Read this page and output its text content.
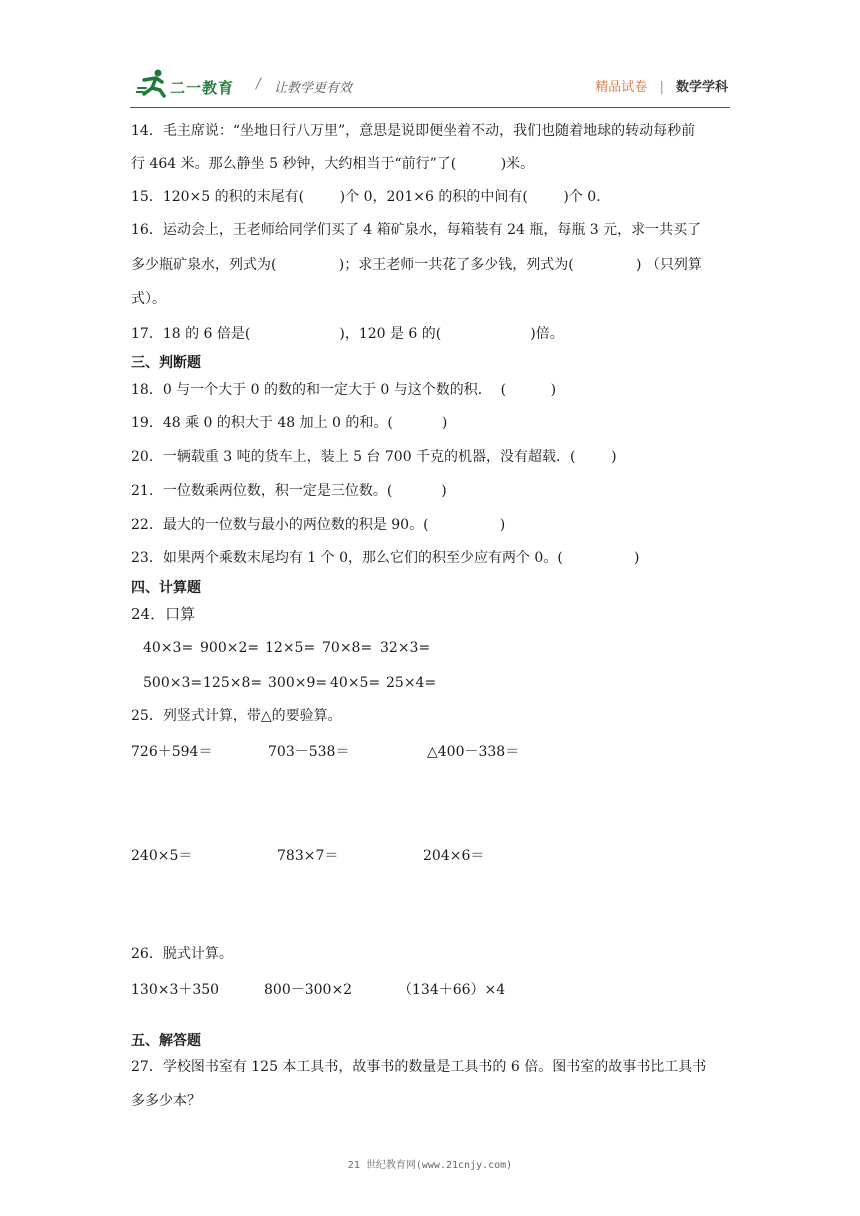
二一教育 / 让教学更有效	精品试卷 | 数学学科
14．毛主席说：“坐地日行八万里”，意思是说即便坐着不动，我们也随着地球的转动每秒前
行 464 米。那么静坐 5 秒钟，大约相当于“前行”了(          )米。
15．120×5 的积的末尾有(        )个 0，201×6 的积的中间有(        )个 0．
16．运动会上，王老师给同学们买了 4 箱矿泉水，每箱装有 24 瓶，每瓶 3 元，求一共买了
多少瓶矿泉水，列式为(              )；求王老师一共花了多少钱，列式为(              ) （只列算
式）。
17．18 的 6 倍是(                    )，120 是 6 的(                    )倍。
三、判断题
18．0 与一个大于 0 的数的和一定大于 0 与这个数的积．  (          )
19．48 乘 0 的积大于 48 加上 0 的和。(           )
20．一辆载重 3 吨的货车上，装上 5 台 700 千克的机器，没有超载．(        )
21．一位数乘两位数，积一定是三位数。(           )
22．最大的一位数与最小的两位数的积是 90。(                )
23．如果两个乘数末尾均有 1 个 0，那么它们的积至少应有两个 0。(                )
四、计算题
24．口算
40×3= 900×2= 12×5= 70×8= 32×3=
500×3= 125×8= 300×9= 40×5= 25×4=
25．列竖式计算，带△的要验算。
726＋594＝	703－538＝	△400－338＝
240×5＝	783×7＝	204×6＝
26．脱式计算。
130×3＋350	800－300×2	（134＋66）×4
五、解答题
27．学校图书室有 125 本工具书，故事书的数量是工具书的 6 倍。图书室的故事书比工具书
多多少本？
21 世纪教育网(www.21cnjy.com)
